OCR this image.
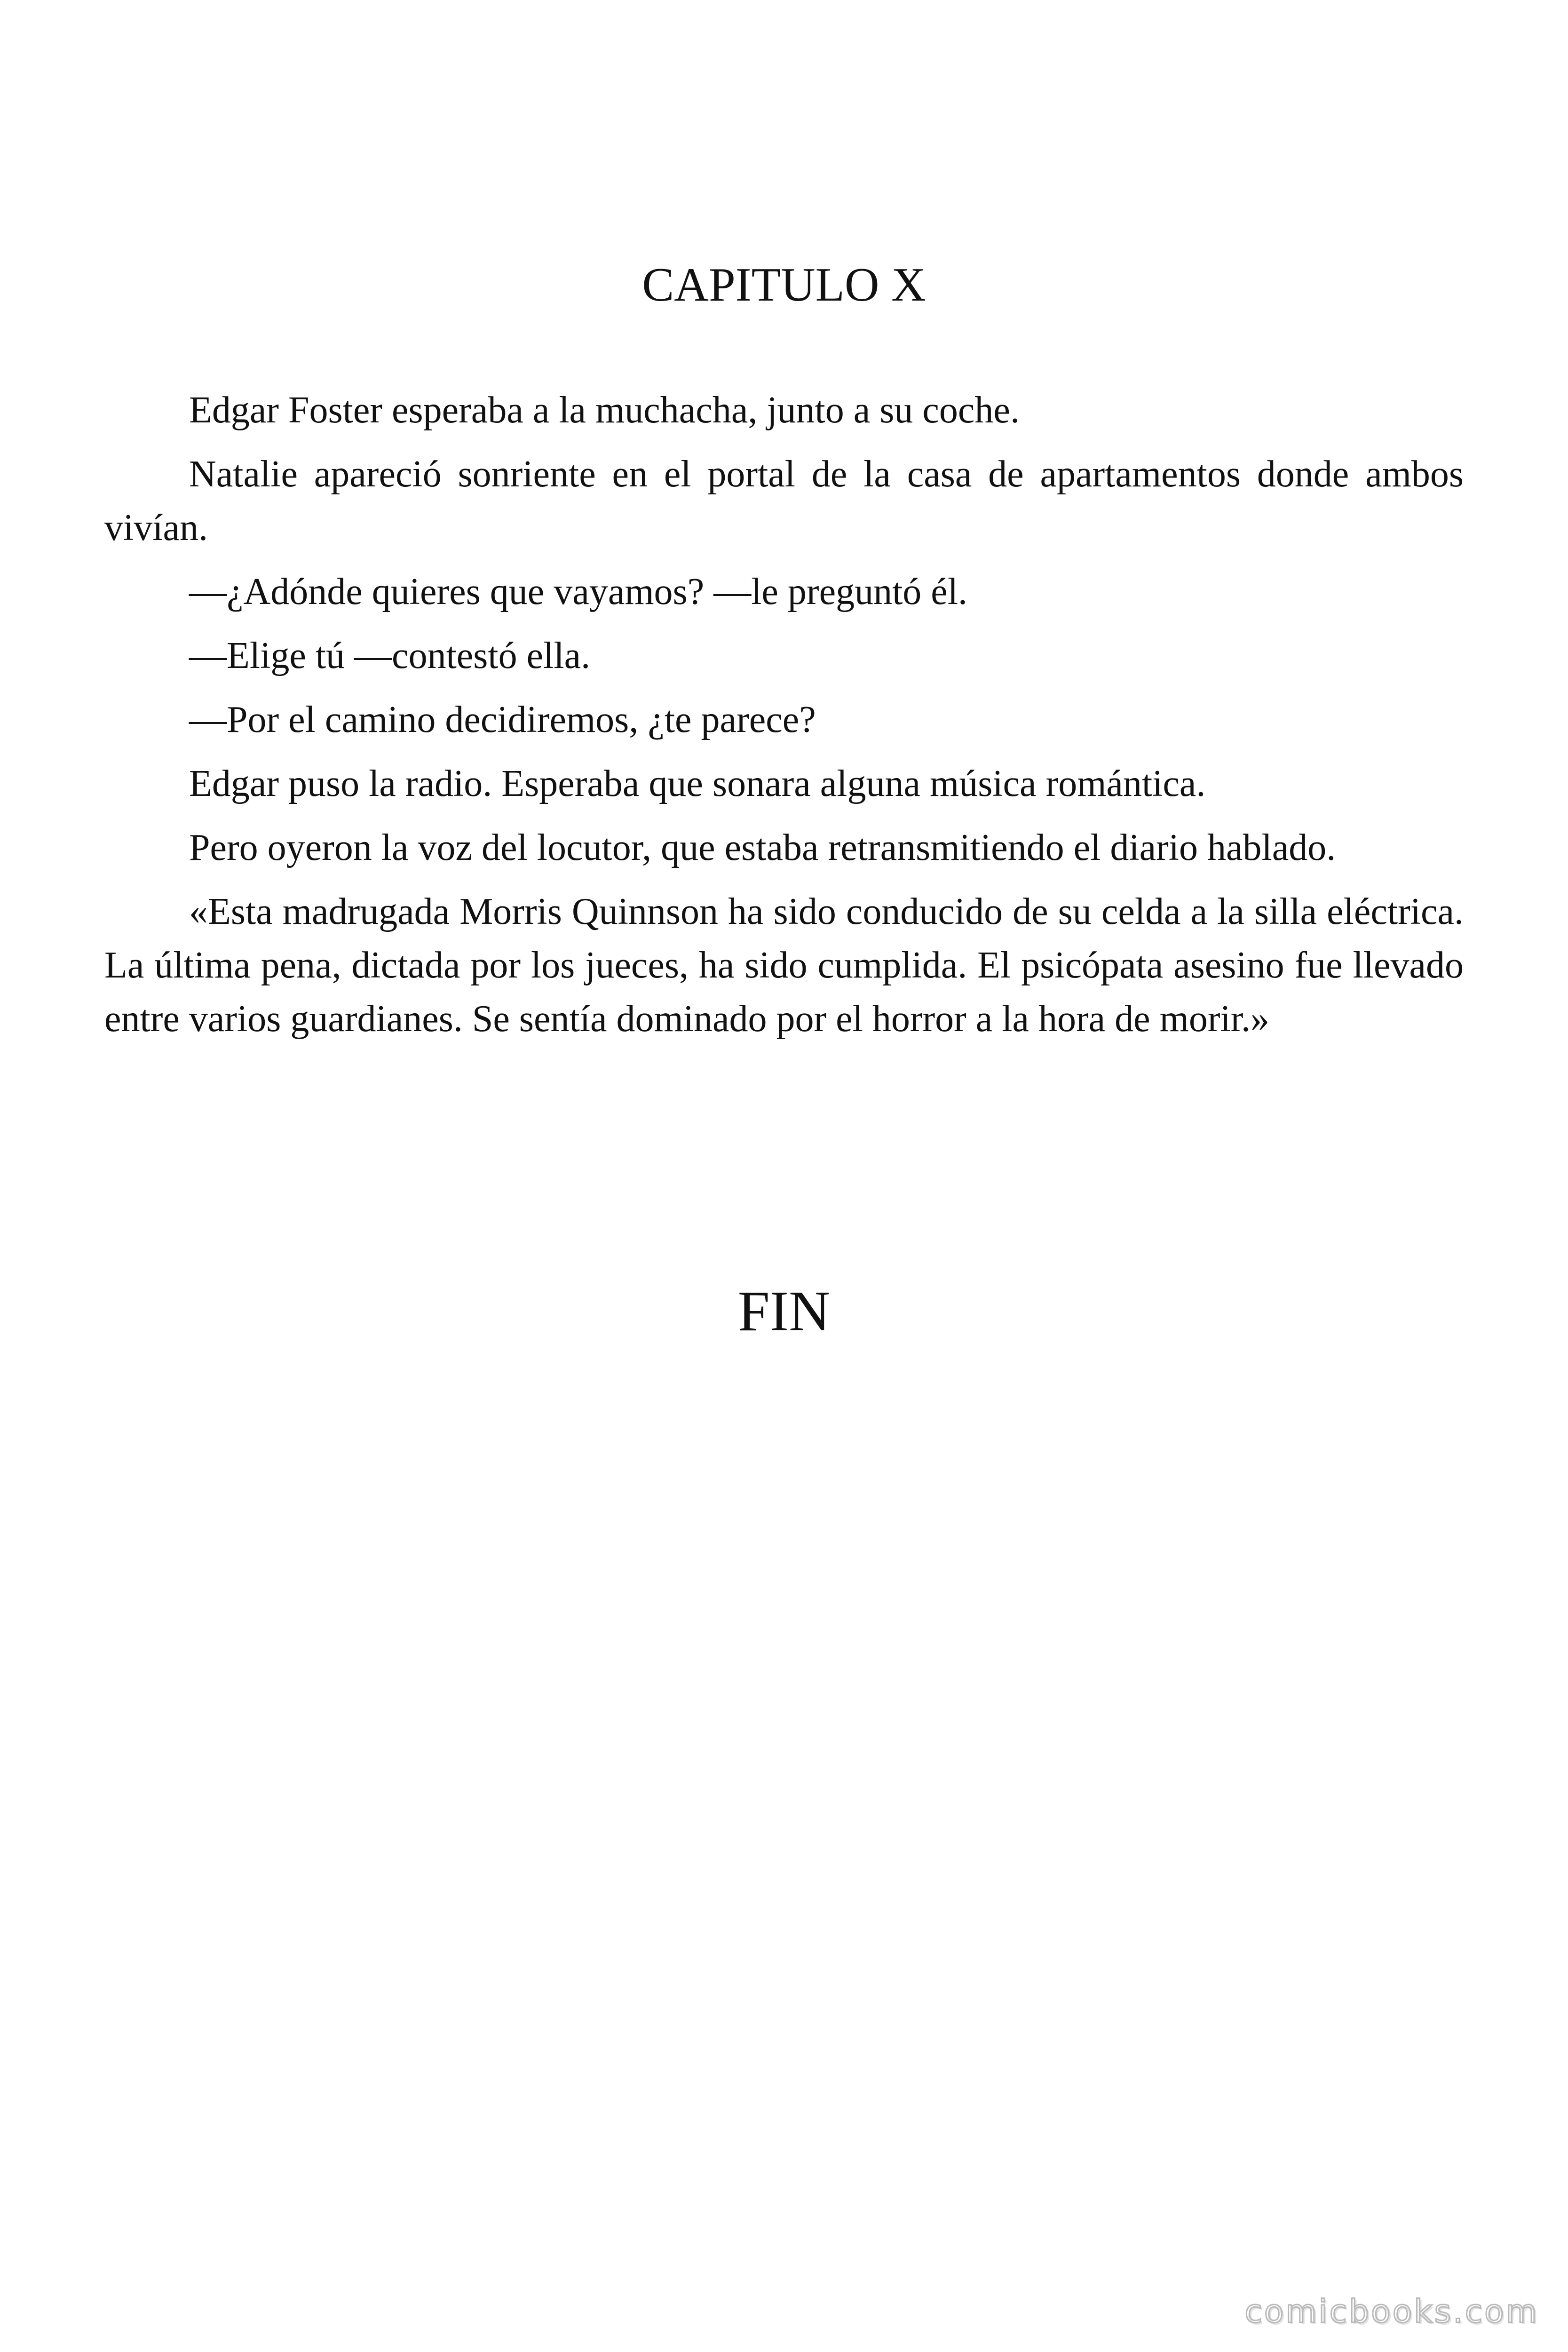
CAPITULO X

Edgar Foster esperaba a la muchacha, junto a su coche.

Natalie apareció sonriente en el portal de la casa de apartamentos donde ambos vivían.

—¿Adónde quieres que vayamos? —le preguntó él.

—Elige tú —contestó ella.

—Por el camino decidiremos, ¿te parece?

Edgar puso la radio. Esperaba que sonara alguna música romántica.

Pero oyeron la voz del locutor, que estaba retransmitiendo el diario hablado.

«Esta madrugada Morris Quinnson ha sido conducido de su celda a la silla eléctrica. La última pena, dictada por los jueces, ha sido cumplida. El psicópata asesino fue llevado entre varios guardianes. Se sentía dominado por el horror a la hora de morir.»

FIN
comicbooks.com
